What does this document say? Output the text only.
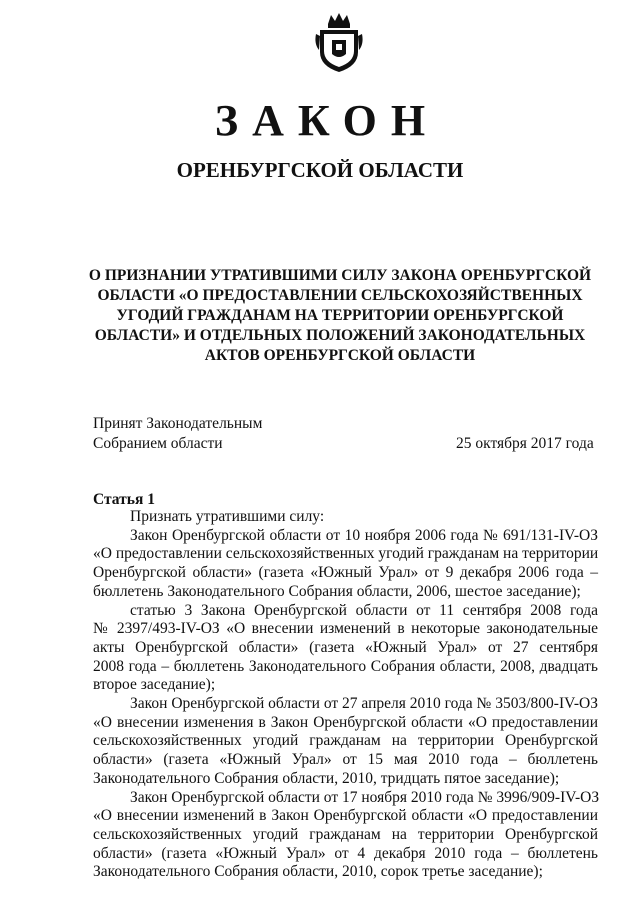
ЗАКОН
ОРЕНБУРГСКОЙ ОБЛАСТИ
О ПРИЗНАНИИ УТРАТИВШИМИ СИЛУ ЗАКОНА ОРЕНБУРГСКОЙ
ОБЛАСТИ «О ПРЕДОСТАВЛЕНИИ СЕЛЬСКОХОЗЯЙСТВЕННЫХ
УГОДИЙ ГРАЖДАНАМ НА ТЕРРИТОРИИ ОРЕНБУРГСКОЙ
ОБЛАСТИ» И ОТДЕЛЬНЫХ ПОЛОЖЕНИЙ ЗАКОНОДАТЕЛЬНЫХ
АКТОВ ОРЕНБУРГСКОЙ ОБЛАСТИ
Принят Законодательным
Собранием области	25 октября 2017 года
Статья 1
Признать утратившими силу:
Закон Оренбургской области от 10 ноября 2006 года № 691/131-IV-ОЗ
«О предоставлении сельскохозяйственных угодий гражданам на территории
Оренбургской области» (газета «Южный Урал» от 9 декабря 2006 года –
бюллетень Законодательного Собрания области, 2006, шестое заседание);
статью 3 Закона Оренбургской области от 11 сентября 2008 года
№ 2397/493-IV-ОЗ «О внесении изменений в некоторые законодательные
акты Оренбургской области» (газета «Южный Урал» от 27 сентября
2008 года – бюллетень Законодательного Собрания области, 2008, двадцать
второе заседание);
Закон Оренбургской области от 27 апреля 2010 года № 3503/800-IV-ОЗ
«О внесении изменения в Закон Оренбургской области «О предоставлении
сельскохозяйственных угодий гражданам на территории Оренбургской
области» (газета «Южный Урал» от 15 мая 2010 года – бюллетень
Законодательного Собрания области, 2010, тридцать пятое заседание);
Закон Оренбургской области от 17 ноября 2010 года № 3996/909-IV-ОЗ
«О внесении изменений в Закон Оренбургской области «О предоставлении
сельскохозяйственных угодий гражданам на территории Оренбургской
области» (газета «Южный Урал» от 4 декабря 2010 года – бюллетень
Законодательного Собрания области, 2010, сорок третье заседание);
